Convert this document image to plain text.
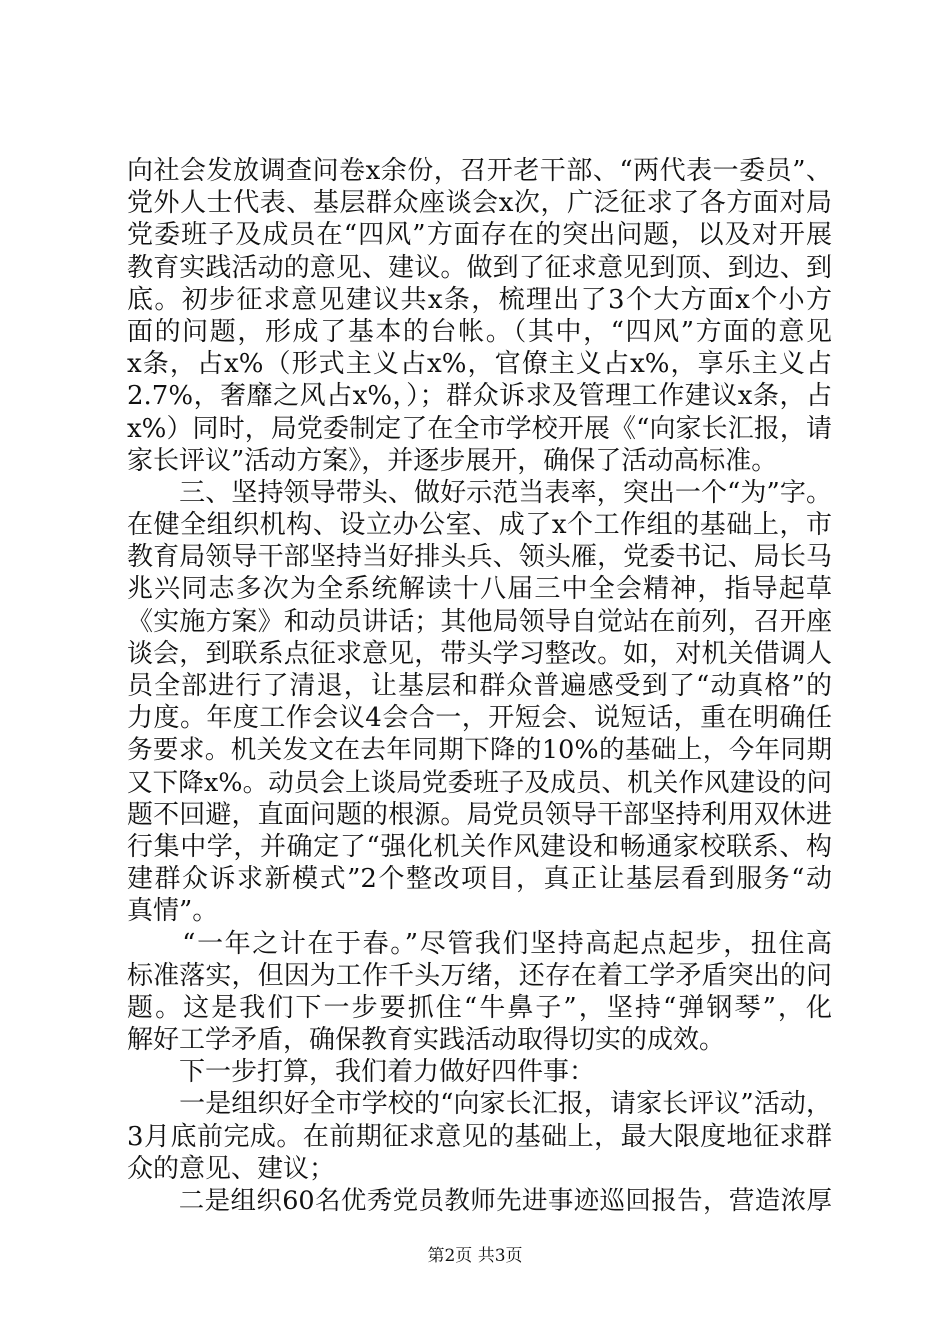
向社会发放调查问卷x余份，召开老干部、“两代表一委员”、
党外人士代表、基层群众座谈会x次，广泛征求了各方面对局
党委班子及成员在“四风”方面存在的突出问题，以及对开展
教育实践活动的意见、建议。做到了征求意见到顶、到边、到
底。初步征求意见建议共x条，梳理出了3个大方面x个小方
面的问题，形成了基本的台帐。（其中，“四风”方面的意见
x条，占x%（形式主义占x%，官僚主义占x%，享乐主义占
2.7%，奢靡之风占x%，）；群众诉求及管理工作建议x条，占
x%）同时，局党委制定了在全市学校开展《“向家长汇报，请
家长评议”活动方案》，并逐步展开，确保了活动高标准。
　　三、坚持领导带头、做好示范当表率，突出一个“为”字。
在健全组织机构、设立办公室、成了x个工作组的基础上，市
教育局领导干部坚持当好排头兵、领头雁，党委书记、局长马
兆兴同志多次为全系统解读十八届三中全会精神，指导起草
《实施方案》和动员讲话；其他局领导自觉站在前列，召开座
谈会，到联系点征求意见，带头学习整改。如，对机关借调人
员全部进行了清退，让基层和群众普遍感受到了“动真格”的
力度。年度工作会议4会合一，开短会、说短话，重在明确任
务要求。机关发文在去年同期下降的10%的基础上，今年同期
又下降x%。动员会上谈局党委班子及成员、机关作风建设的问
题不回避，直面问题的根源。局党员领导干部坚持利用双休进
行集中学，并确定了“强化机关作风建设和畅通家校联系、构
建群众诉求新模式”2个整改项目，真正让基层看到服务“动
真情”。
　　“一年之计在于春。”尽管我们坚持高起点起步，扭住高
标准落实，但因为工作千头万绪，还存在着工学矛盾突出的问
题。这是我们下一步要抓住“牛鼻子”，坚持“弹钢琴”，化
解好工学矛盾，确保教育实践活动取得切实的成效。
　　下一步打算，我们着力做好四件事：
　　一是组织好全市学校的“向家长汇报，请家长评议”活动，
3月底前完成。在前期征求意见的基础上，最大限度地征求群
众的意见、建议；
　　二是组织60名优秀党员教师先进事迹巡回报告，营造浓厚
第2页 共3页
